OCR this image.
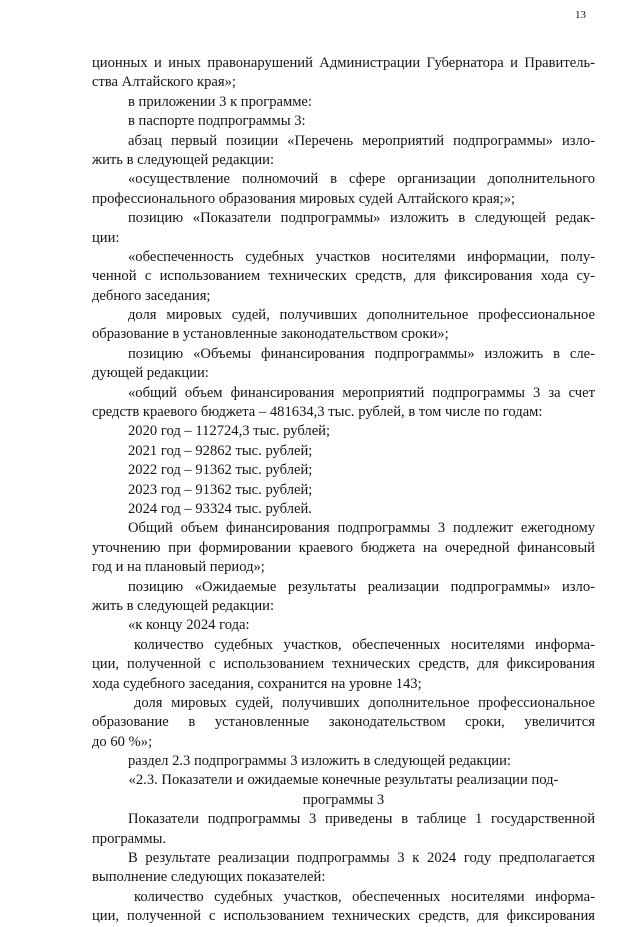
13
ционных и иных правонарушений Администрации Губернатора и Правитель-
ства Алтайского края»;
в приложении 3 к программе:
в паспорте подпрограммы 3:
абзац первый позиции «Перечень мероприятий подпрограммы» изло-
жить в следующей редакции:
«осуществление полномочий в сфере организации дополнительного
профессионального образования мировых судей Алтайского края;»;
позицию «Показатели подпрограммы» изложить в следующей редак-
ции:
«обеспеченность судебных участков носителями информации, полу-
ченной с использованием технических средств, для фиксирования хода су-
дебного заседания;
доля мировых судей, получивших дополнительное профессиональное
образование в установленные законодательством сроки»;
позицию «Объемы финансирования подпрограммы» изложить в сле-
дующей редакции:
«общий объем финансирования мероприятий подпрограммы 3 за счет
средств краевого бюджета – 481634,3 тыс. рублей, в том числе по годам:
2020 год – 112724,3 тыс. рублей;
2021 год – 92862 тыс. рублей;
2022 год – 91362 тыс. рублей;
2023 год – 91362 тыс. рублей;
2024 год – 93324 тыс. рублей.
Общий объем финансирования подпрограммы 3 подлежит ежегодному
уточнению при формировании краевого бюджета на очередной финансовый
год и на плановый период»;
позицию «Ожидаемые результаты реализации подпрограммы» изло-
жить в следующей редакции:
«к концу 2024 года:
количество судебных участков, обеспеченных носителями информа-
ции, полученной с использованием технических средств, для фиксирования
хода судебного заседания, сохранится на уровне 143;
доля мировых судей, получивших дополнительное профессиональное
образование в установленные законодательством сроки, увеличится
до 60 %»;
раздел 2.3 подпрограммы 3 изложить в следующей редакции:
«2.3. Показатели и ожидаемые конечные результаты реализации под-
программы 3
Показатели подпрограммы 3 приведены в таблице 1 государственной
программы.
В результате реализации подпрограммы 3 к 2024 году предполагается
выполнение следующих показателей:
количество судебных участков, обеспеченных носителями информа-
ции, полученной с использованием технических средств, для фиксирования
